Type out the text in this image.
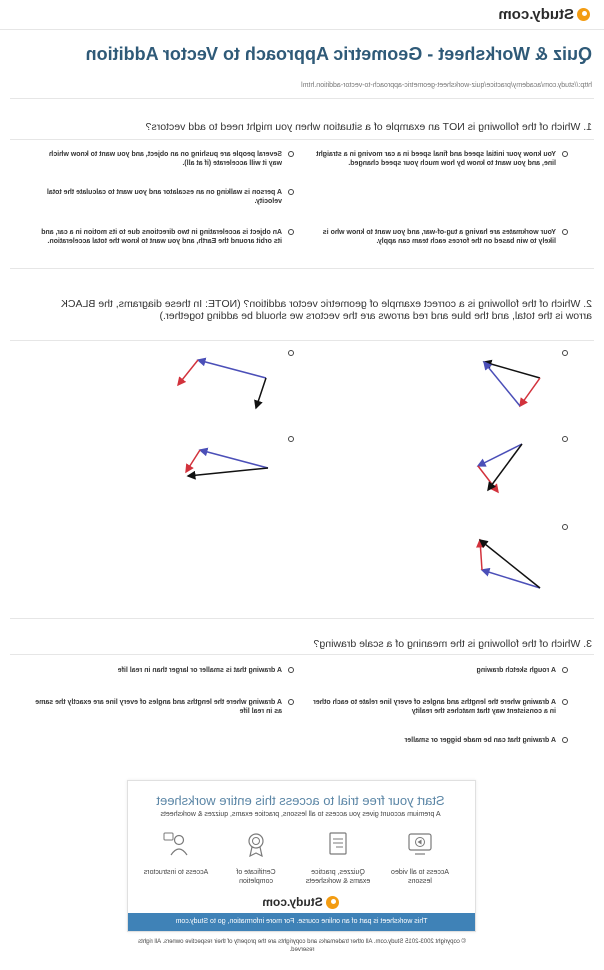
Study.com
Quiz & Worksheet - Geometric Approach to Vector Addition
http://study.com/academy/practice/quiz-worksheet-geometric-approach-to-vector-addition.html
1. Which of the following is NOT an example of a situation when you might need to add vectors?
You know your initial speed and final speed in a car moving in a straight line, and you want to know by how much your speed changed.
Several people are pushing on an object, and you want to know which way it will accelerate (if at all).
A person is walking on an escalator and you want to calculate the total velocity.
Your workmates are having a tug-of-war, and you want to know who is likely to win based on the forces each team can apply.
An object is accelerating in two directions due to its motion in a car, and its orbit around the Earth, and you want to know the total acceleration.
2. Which of the following is a correct example of geometric vector addition? (NOTE: In these diagrams, the BLACK arrow is the total, and the blue and red arrows are the vectors we should be adding together.)
3. Which of the following is the meaning of a scale drawing?
A rough sketch drawing
A drawing that is smaller or larger than in real life
A drawing where the lengths and angles of every line relate to each other in a consistent way that matches the reality
A drawing where the lengths and angles of every line are exactly the same as in real life
A drawing that can be made bigger or smaller
Start your free trial to access this entire worksheet
A premium account gives you access to all lessons, practice exams, quizzes & worksheets
Access to all video lessons
Quizzes, practice exams & worksheets
Certificate of completion
Access to instructors
Study.com
This worksheet is part of an online course. For more information, go to Study.com
© copyright 2003-2015 Study.com. All other trademarks and copyrights are the property of their respective owners. All rights reserved.
